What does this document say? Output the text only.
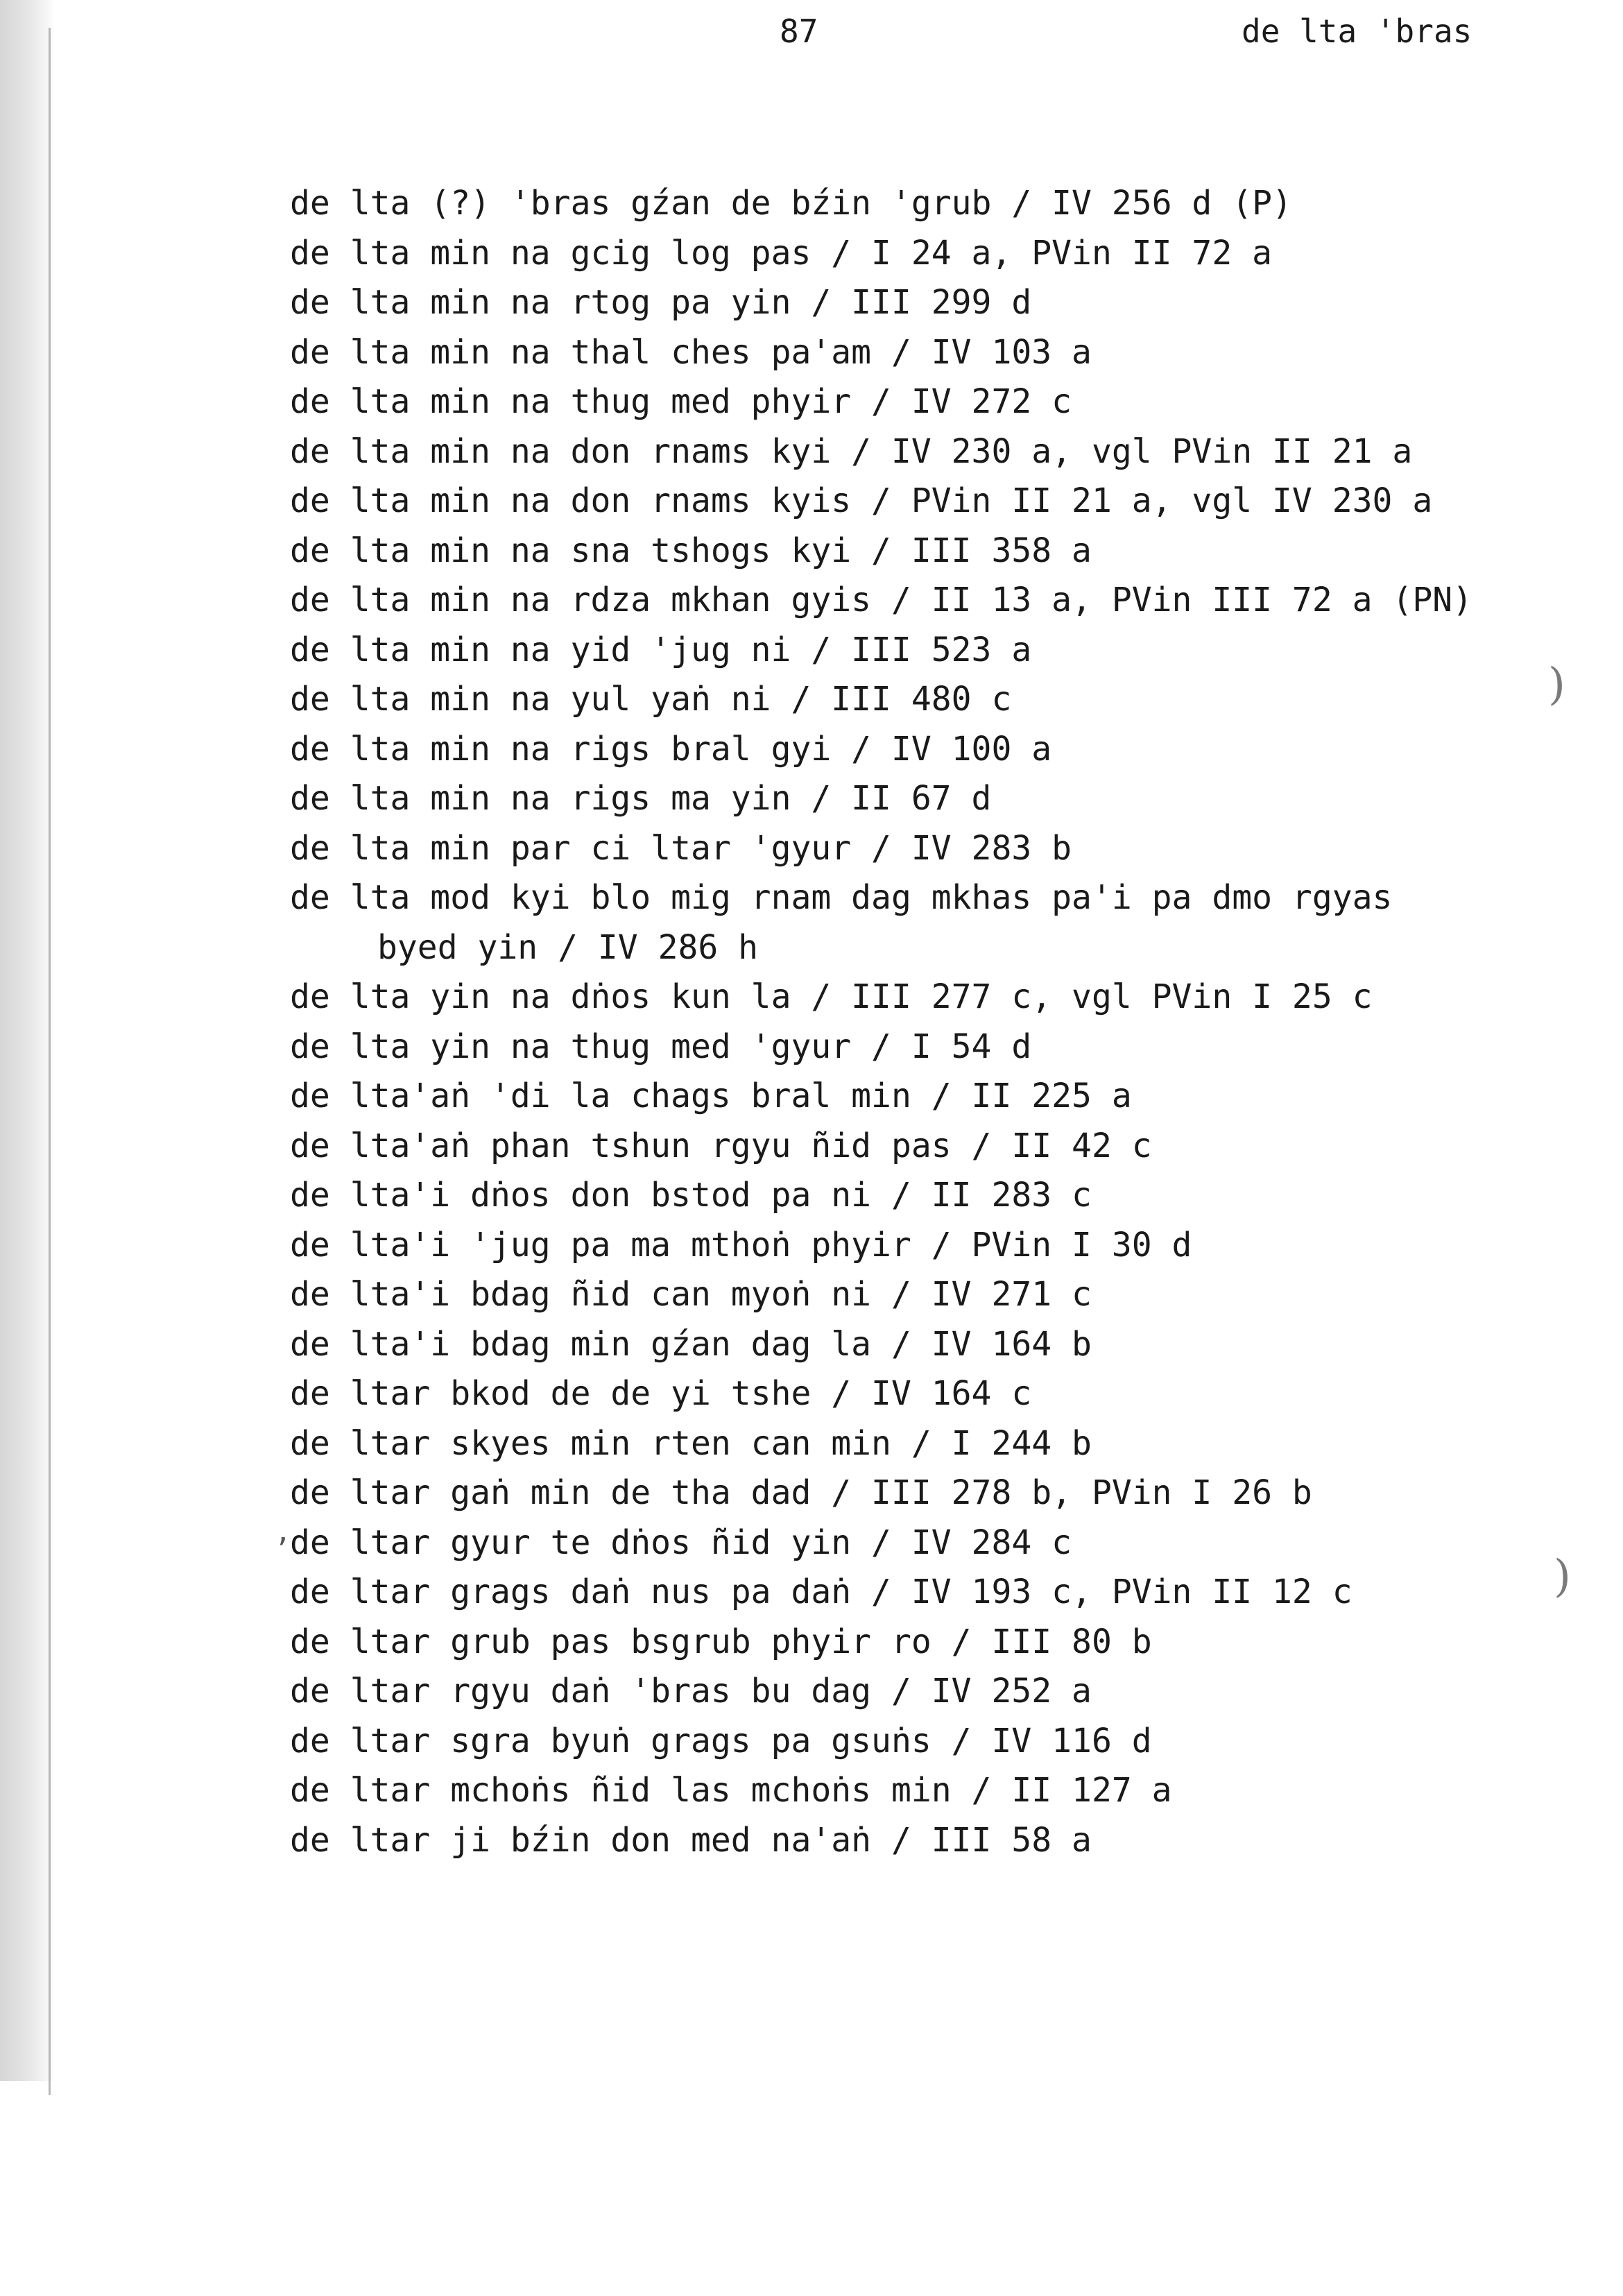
87	de lta 'bras
de lta (?) 'bras gźan de bźin 'grub / IV 256 d (P)
de lta min na gcig log pas / I 24 a, PVin II 72 a
de lta min na rtog pa yin / III 299 d
de lta min na thal ches pa'am / IV 103 a
de lta min na thug med phyir / IV 272 c
de lta min na don rnams kyi / IV 230 a, vgl PVin II 21 a
de lta min na don rnams kyis / PVin II 21 a, vgl IV 230 a
de lta min na sna tshogs kyi / III 358 a
de lta min na rdza mkhan gyis / II 13 a, PVin III 72 a (PN)
de lta min na yid 'jug ni / III 523 a
de lta min na yul yaṅ ni / III 480 c
de lta min na rigs bral gyi / IV 100 a
de lta min na rigs ma yin / II 67 d
de lta min par ci ltar 'gyur / IV 283 b
de lta mod kyi blo mig rnam dag mkhas pa'i pa dmo rgyas
byed yin / IV 286 h
de lta yin na dṅos kun la / III 277 c, vgl PVin I 25 c
de lta yin na thug med 'gyur / I 54 d
de lta'aṅ 'di la chags bral min / II 225 a
de lta'aṅ phan tshun rgyu ñid pas / II 42 c
de lta'i dṅos don bstod pa ni / II 283 c
de lta'i 'jug pa ma mthoṅ phyir / PVin I 30 d
de lta'i bdag ñid can myoṅ ni / IV 271 c
de lta'i bdag min gźan dag la / IV 164 b
de ltar bkod de de yi tshe / IV 164 c
de ltar skyes min rten can min / I 244 b
de ltar gaṅ min de tha dad / III 278 b, PVin I 26 b
de ltar gyur te dṅos ñid yin / IV 284 c
de ltar grags daṅ nus pa daṅ / IV 193 c, PVin II 12 c
de ltar grub pas bsgrub phyir ro / III 80 b
de ltar rgyu daṅ 'bras bu dag / IV 252 a
de ltar sgra byuṅ grags pa gsuṅs / IV 116 d
de ltar mchoṅs ñid las mchoṅs min / II 127 a
de ltar ji bźin don med na'aṅ / III 58 a
)
)
,
